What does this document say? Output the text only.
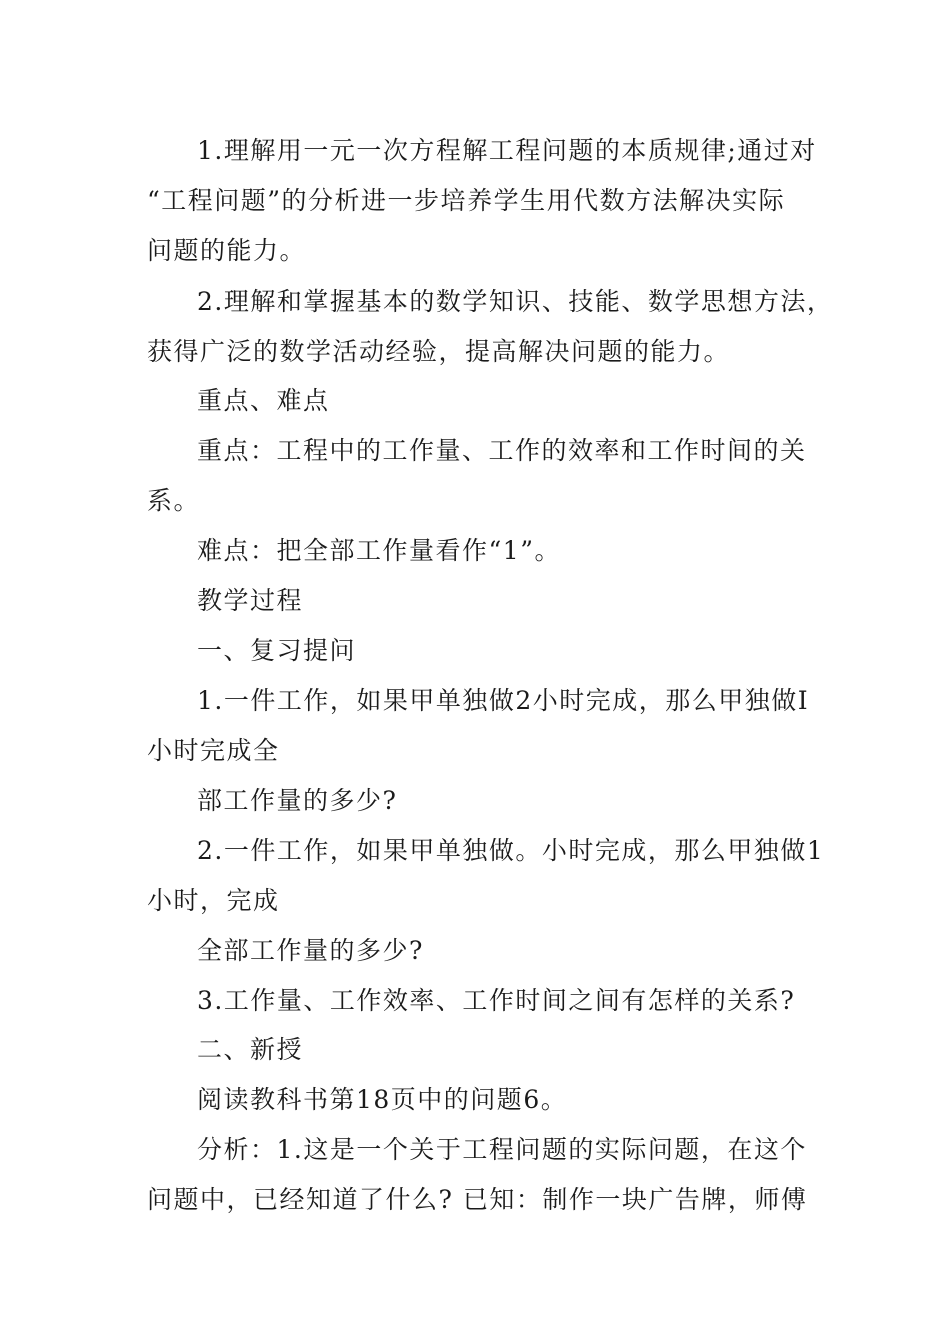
1.理解用一元一次方程解工程问题的本质规律;通过对
“工程问题”的分析进一步培养学生用代数方法解决实际
问题的能力。
2.理解和掌握基本的数学知识、技能、数学思想方法，
获得广泛的数学活动经验，提高解决问题的能力。
重点、难点
重点：工程中的工作量、工作的效率和工作时间的关
系。
难点：把全部工作量看作“1”。
教学过程
一、复习提问
1.一件工作，如果甲单独做2小时完成，那么甲独做I
小时完成全
部工作量的多少?
2.一件工作，如果甲单独做。小时完成，那么甲独做1
小时，完成
全部工作量的多少?
3.工作量、工作效率、工作时间之间有怎样的关系?
二、新授
阅读教科书第18页中的问题6。
分析：1.这是一个关于工程问题的实际问题，在这个
问题中，已经知道了什么? 已知：制作一块广告牌，师傅
